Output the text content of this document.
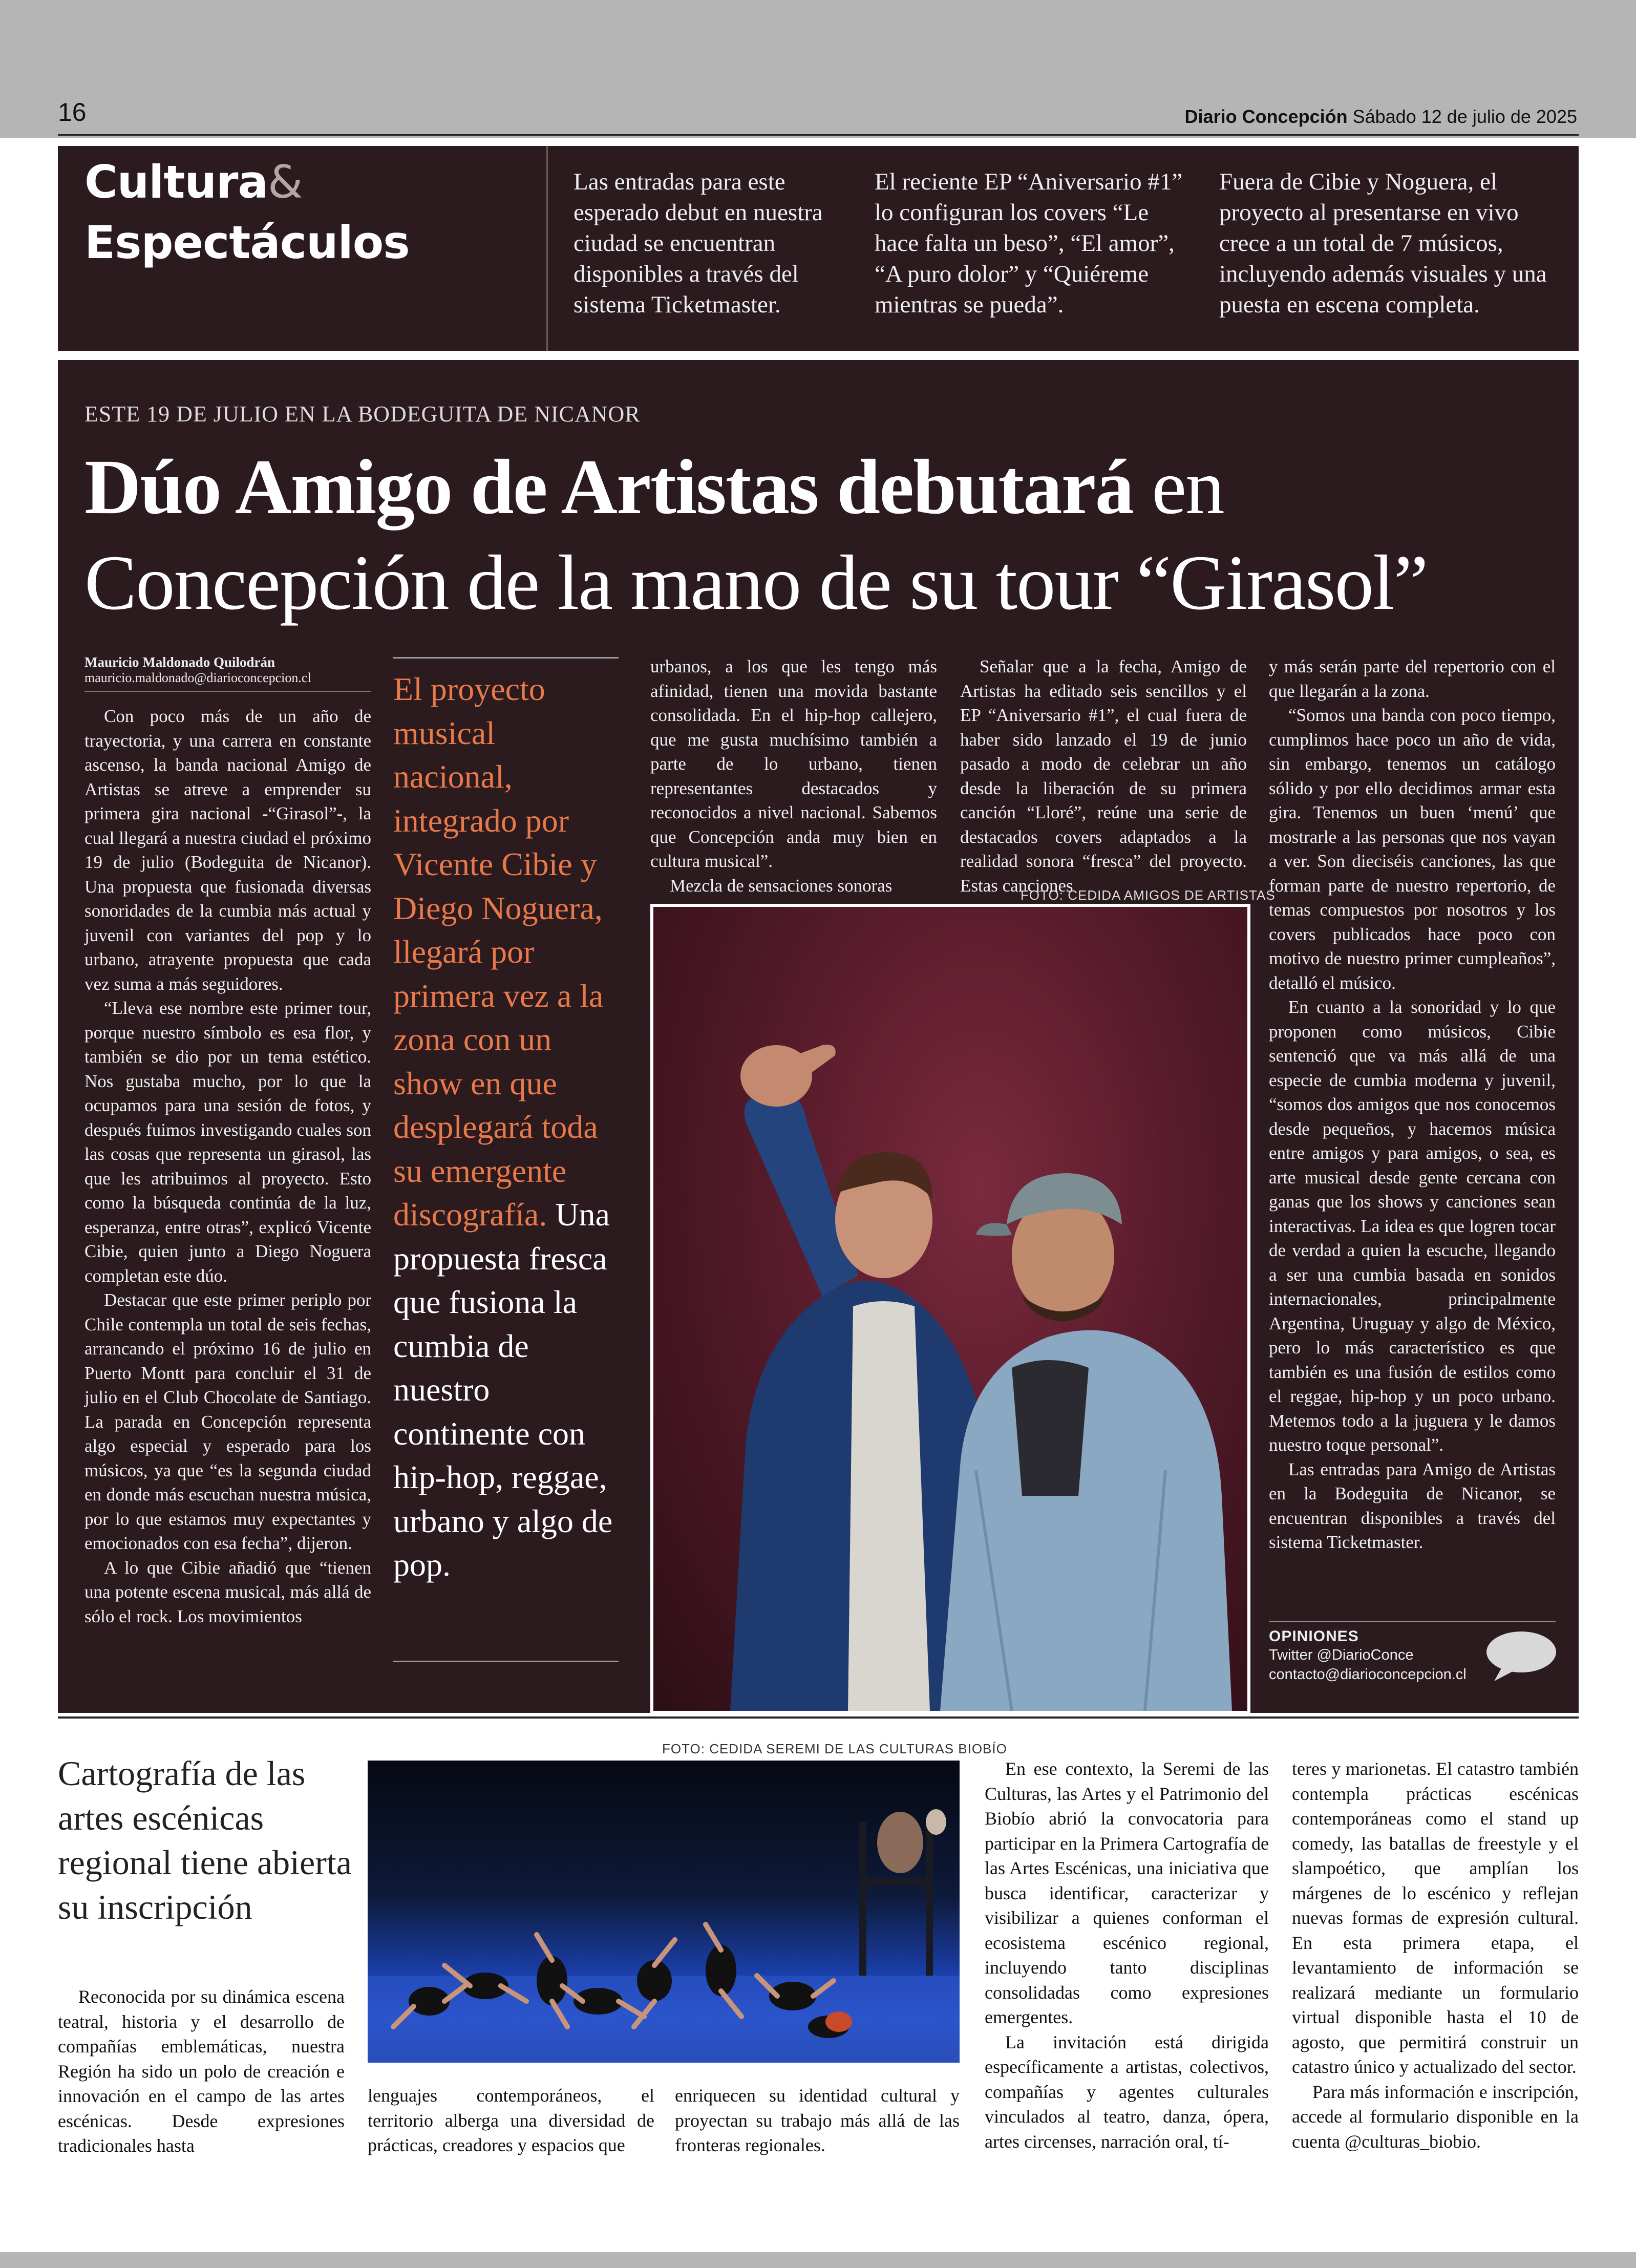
16	Diario Concepción Sábado 12 de julio de 2025
Cultura&
Espectáculos
Las entradas para este esperado debut en nuestra ciudad se encuentran disponibles a través del sistema Ticketmaster.
El reciente EP “Aniversario #1” lo configuran los covers “Le hace falta un beso”, “El amor”, “A puro dolor” y “Quiéreme mientras se pueda”.
Fuera de Cibie y Noguera, el proyecto al presentarse en vivo crece a un total de 7 músicos, incluyendo además visuales y una puesta en escena completa.
ESTE 19 DE JULIO EN LA BODEGUITA DE NICANOR
Dúo Amigo de Artistas debutará en
Concepción de la mano de su tour “Girasol”
Mauricio Maldonado Quilodrán
mauricio.maldonado@diarioconcepcion.cl

Con poco más de un año de trayectoria, y una carrera en constante ascenso, la banda nacional Amigo de Artistas se atreve a emprender su primera gira nacional -“Girasol”-, la cual llegará a nuestra ciudad el próximo 19 de julio (Bodeguita de Nicanor). Una propuesta que fusionada diversas sonoridades de la cumbia más actual y juvenil con variantes del pop y lo urbano, atrayente propuesta que cada vez suma a más seguidores.

“Lleva ese nombre este primer tour, porque nuestro símbolo es esa flor, y también se dio por un tema estético. Nos gustaba mucho, por lo que la ocupamos para una sesión de fotos, y después fuimos investigando cuales son las cosas que representa un girasol, las que les atribuimos al proyecto. Esto como la búsqueda continúa de la luz, esperanza, entre otras”, explicó Vicente Cibie, quien junto a Diego Noguera completan este dúo.

Destacar que este primer periplo por Chile contempla un total de seis fechas, arrancando el próximo 16 de julio en Puerto Montt para concluir el 31 de julio en el Club Chocolate de Santiago. La parada en Concepción representa algo especial y esperado para los músicos, ya que “es la segunda ciudad en donde más escuchan nuestra música, por lo que estamos muy expectantes y emocionados con esa fecha”, dijeron.

A lo que Cibie añadió que “tienen una potente escena musical, más allá de sólo el rock. Los movimientos

El proyecto musical nacional, integrado por Vicente Cibie y Diego Noguera, llegará por primera vez a la zona con un show en que desplegará toda su emergente discografía. Una propuesta fresca que fusiona la cumbia de nuestro continente con hip-hop, reggae, urbano y algo de pop.

urbanos, a los que les tengo más afinidad, tienen una movida bastante consolidada. En el hip-hop callejero, que me gusta muchísimo también a parte de lo urbano, tienen representantes destacados y reconocidos a nivel nacional. Sabemos que Concepción anda muy bien en cultura musical”.

Mezcla de sensaciones sonoras

Señalar que a la fecha, Amigo de Artistas ha editado seis sencillos y el EP “Aniversario #1”, el cual fuera de haber sido lanzado el 19 de junio pasado a modo de celebrar un año desde la liberación de su primera canción “Lloré”, reúne una serie de destacados covers adaptados a la realidad sonora “fresca” del proyecto. Estas canciones

FOTO: CEDIDA AMIGOS DE ARTISTAS

y más serán parte del repertorio con el que llegarán a la zona.

“Somos una banda con poco tiempo, cumplimos hace poco un año de vida, sin embargo, tenemos un catálogo sólido y por ello decidimos armar esta gira. Tenemos un buen ‘menú’ que mostrarle a las personas que nos vayan a ver. Son dieciséis canciones, las que forman parte de nuestro repertorio, de temas compuestos por nosotros y los covers publicados hace poco con motivo de nuestro primer cumpleaños”, detalló el músico.

En cuanto a la sonoridad y lo que proponen como músicos, Cibie sentenció que va más allá de una especie de cumbia moderna y juvenil, “somos dos amigos que nos conocemos desde pequeños, y hacemos música entre amigos y para amigos, o sea, es arte musical desde gente cercana con ganas que los shows y canciones sean interactivas. La idea es que logren tocar de verdad a quien la escuche, llegando a ser una cumbia basada en sonidos internacionales, principalmente Argentina, Uruguay y algo de México, pero lo más característico es que también es una fusión de estilos como el reggae, hip-hop y un poco urbano. Metemos todo a la juguera y le damos nuestro toque personal”.

Las entradas para Amigo de Artistas en la Bodeguita de Nicanor, se encuentran disponibles a través del sistema Ticketmaster.

OPINIONES
Twitter @DiarioConce
contacto@diarioconcepcion.cl
FOTO: CEDIDA SEREMI DE LAS CULTURAS BIOBÍO
Cartografía de las artes escénicas regional tiene abierta su inscripción

Reconocida por su dinámica escena teatral, historia y el desarrollo de compañías emblemáticas, nuestra Región ha sido un polo de creación e innovación en el campo de las artes escénicas. Desde expresiones tradicionales hasta

lenguajes contemporáneos, el territorio alberga una diversidad de prácticas, creadores y espacios que

enriquecen su identidad cultural y proyectan su trabajo más allá de las fronteras regionales.

En ese contexto, la Seremi de las Culturas, las Artes y el Patrimonio del Biobío abrió la convocatoria para participar en la Primera Cartografía de las Artes Escénicas, una iniciativa que busca identificar, caracterizar y visibilizar a quienes conforman el ecosistema escénico regional, incluyendo tanto disciplinas consolidadas como expresiones emergentes.

La invitación está dirigida específicamente a artistas, colectivos, compañías y agentes culturales vinculados al teatro, danza, ópera, artes circenses, narración oral, tí-

teres y marionetas. El catastro también contempla prácticas escénicas contemporáneas como el stand up comedy, las batallas de freestyle y el slampoético, que amplían los márgenes de lo escénico y reflejan nuevas formas de expresión cultural. En esta primera etapa, el levantamiento de información se realizará mediante un formulario virtual disponible hasta el 10 de agosto, que permitirá construir un catastro único y actualizado del sector.

Para más información e inscripción, accede al formulario disponible en la cuenta @culturas_biobio.
